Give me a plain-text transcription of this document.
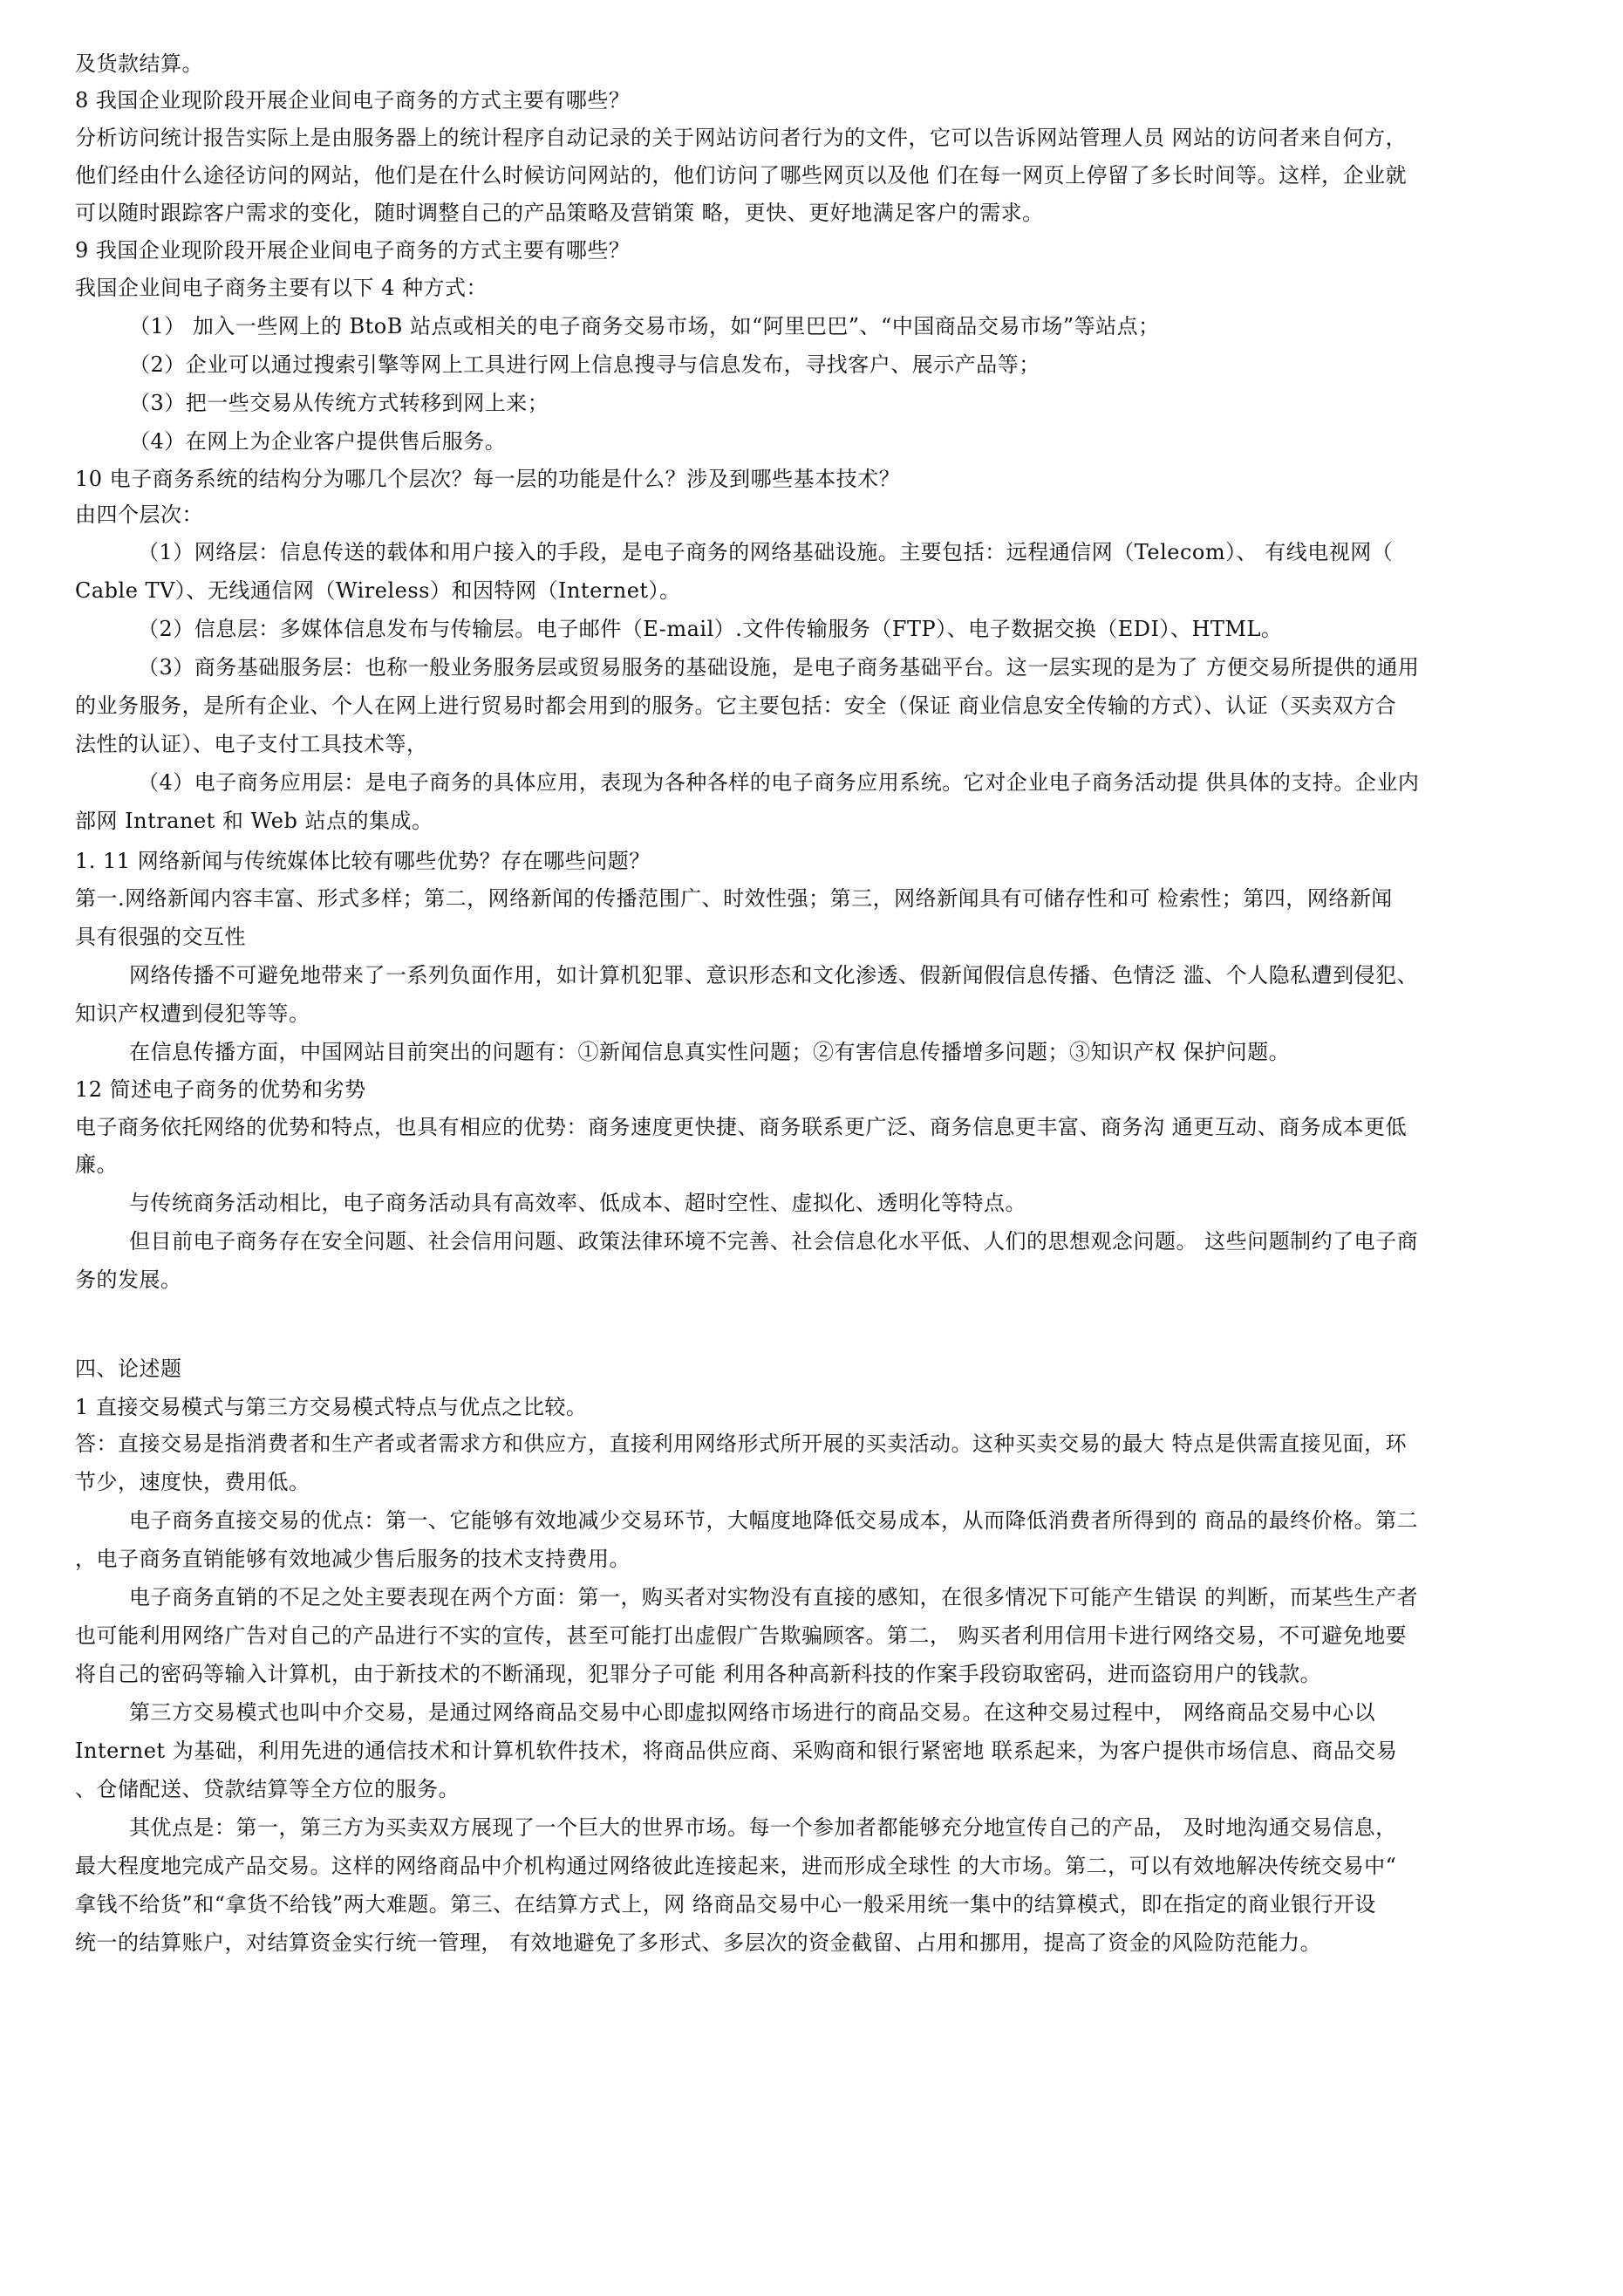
及货款结算。
8 我国企业现阶段开展企业间电子商务的方式主要有哪些？
分析访问统计报告实际上是由服务器上的统计程序自动记录的关于网站访问者行为的文件，它可以告诉网站管理人员 网站的访问者来自何方，
他们经由什么途径访问的网站，他们是在什么时候访问网站的，他们访问了哪些网页以及他 们在每一网页上停留了多长时间等。这样，企业就
可以随时跟踪客户需求的变化，随时调整自己的产品策略及营销策 略，更快、更好地满足客户的需求。
9 我国企业现阶段开展企业间电子商务的方式主要有哪些？
我国企业间电子商务主要有以下 4 种方式：
（1） 加入一些网上的 BtoB 站点或相关的电子商务交易市场，如“阿里巴巴”、“中国商品交易市场”等站点；
（2）企业可以通过搜索引擎等网上工具进行网上信息搜寻与信息发布，寻找客户、展示产品等；
（3）把一些交易从传统方式转移到网上来；
（4）在网上为企业客户提供售后服务。
10 电子商务系统的结构分为哪几个层次？每一层的功能是什么？涉及到哪些基本技术？
由四个层次：
（1）网络层：信息传送的载体和用户接入的手段，是电子商务的网络基础设施。主要包括：远程通信网（Telecom）、 有线电视网（
Cable TV）、无线通信网（Wireless）和因特网（Internet）。
（2）信息层：多媒体信息发布与传输层。电子邮件（E-mail）.文件传输服务（FTP）、电子数据交换（EDI）、HTML。
（3）商务基础服务层：也称一般业务服务层或贸易服务的基础设施，是电子商务基础平台。这一层实现的是为了 方便交易所提供的通用
的业务服务，是所有企业、个人在网上进行贸易时都会用到的服务。它主要包括：安全（保证 商业信息安全传输的方式）、认证（买卖双方合
法性的认证）、电子支付工具技术等，
（4）电子商务应用层：是电子商务的具体应用，表现为各种各样的电子商务应用系统。它对企业电子商务活动提 供具体的支持。企业内
部网 Intranet 和 Web 站点的集成。
1. 11 网络新闻与传统媒体比较有哪些优势？存在哪些问题？
第一.网络新闻内容丰富、形式多样；第二，网络新闻的传播范围广、时效性强；第三，网络新闻具有可储存性和可 检索性；第四，网络新闻
具有很强的交互性
网络传播不可避免地带来了一系列负面作用，如计算机犯罪、意识形态和文化渗透、假新闻假信息传播、色情泛 滥、个人隐私遭到侵犯、
知识产权遭到侵犯等等。
在信息传播方面，中国网站目前突出的问题有：①新闻信息真实性问题；②有害信息传播增多问题；③知识产权 保护问题。
12 简述电子商务的优势和劣势
电子商务依托网络的优势和特点，也具有相应的优势：商务速度更快捷、商务联系更广泛、商务信息更丰富、商务沟 通更互动、商务成本更低
廉。
与传统商务活动相比，电子商务活动具有高效率、低成本、超时空性、虚拟化、透明化等特点。
但目前电子商务存在安全问题、社会信用问题、政策法律环境不完善、社会信息化水平低、人们的思想观念问题。 这些问题制约了电子商
务的发展。
四、论述题
1 直接交易模式与第三方交易模式特点与优点之比较。
答：直接交易是指消费者和生产者或者需求方和供应方，直接利用网络形式所开展的买卖活动。这种买卖交易的最大 特点是供需直接见面，环
节少，速度快，费用低。
电子商务直接交易的优点：第一、它能够有效地减少交易环节，大幅度地降低交易成本，从而降低消费者所得到的 商品的最终价格。第二
，电子商务直销能够有效地减少售后服务的技术支持费用。
电子商务直销的不足之处主要表现在两个方面：第一，购买者对实物没有直接的感知，在很多情况下可能产生错误 的判断，而某些生产者
也可能利用网络广告对自己的产品进行不实的宣传，甚至可能打出虚假广告欺骗顾客。第二， 购买者利用信用卡进行网络交易，不可避免地要
将自己的密码等输入计算机，由于新技术的不断涌现，犯罪分子可能 利用各种高新科技的作案手段窃取密码，进而盗窃用户的钱款。
第三方交易模式也叫中介交易，是通过网络商品交易中心即虚拟网络市场进行的商品交易。在这种交易过程中， 网络商品交易中心以
Internet 为基础，利用先进的通信技术和计算机软件技术，将商品供应商、采购商和银行紧密地 联系起来，为客户提供市场信息、商品交易
、仓储配送、贷款结算等全方位的服务。
其优点是：第一，第三方为买卖双方展现了一个巨大的世界市场。每一个参加者都能够充分地宣传自己的产品， 及时地沟通交易信息，
最大程度地完成产品交易。这样的网络商品中介机构通过网络彼此连接起来，进而形成全球性 的大市场。第二，可以有效地解决传统交易中“
拿钱不给货”和“拿货不给钱”两大难题。第三、在结算方式上，网 络商品交易中心一般采用统一集中的结算模式，即在指定的商业银行开设
统一的结算账户，对结算资金实行统一管理， 有效地避免了多形式、多层次的资金截留、占用和挪用，提高了资金的风险防范能力。
